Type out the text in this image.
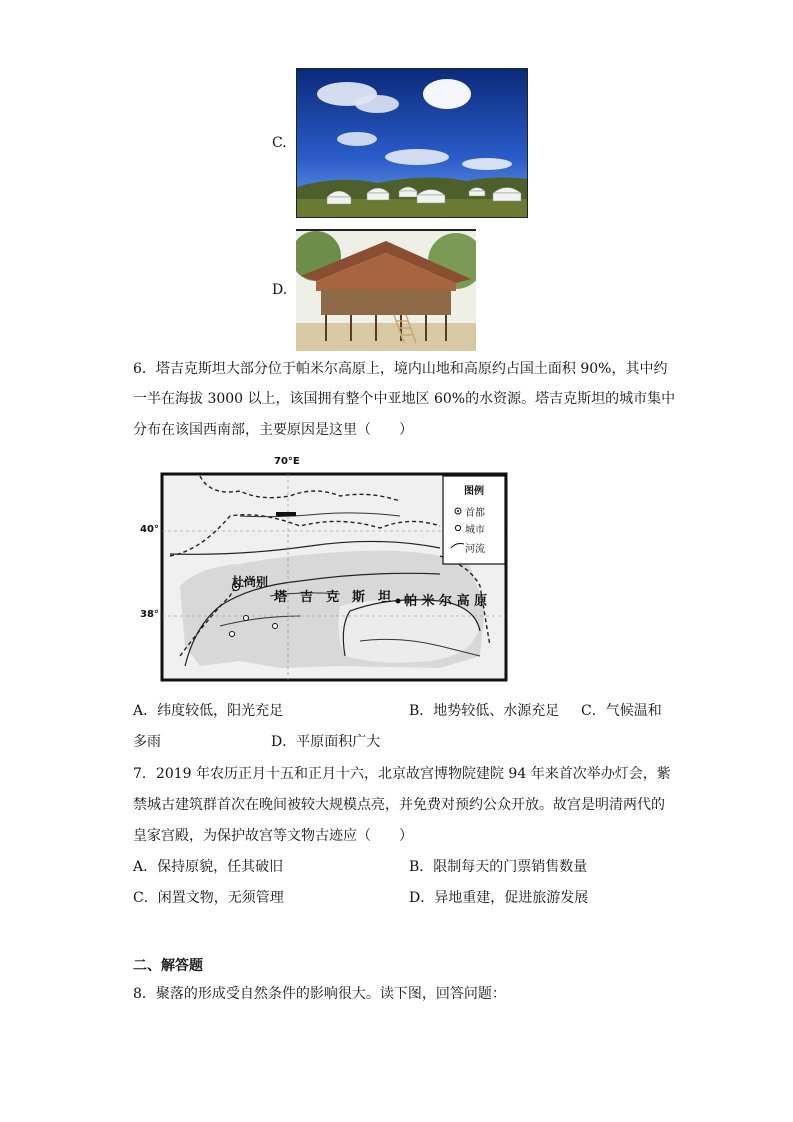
C.
D.
6．塔吉克斯坦大部分位于帕米尔高原上，境内山地和高原约占国土面积 90%，其中约
一半在海拔 3000 以上，该国拥有整个中亚地区 60%的水资源。塔吉克斯坦的城市集中
分布在该国西南部，主要原因是这里（　　）
70°E
40°
38°
图例
首都
城市
河流
杜尚别
塔　吉　克　斯　坦 帕 米 尔 高 原
A．纬度较低，阳光充足	B．地势较低、水源充足 C．气候温和
多雨	D．平原面积广大
7．2019 年农历正月十五和正月十六，北京故宫博物院建院 94 年来首次举办灯会，紫
禁城古建筑群首次在晚间被较大规模点亮，并免费对预约公众开放。故宫是明清两代的
皇家宫殿，为保护故宫等文物古迹应（　　）
A．保持原貌，任其破旧	B．限制每天的门票销售数量
C．闲置文物，无须管理	D．异地重建，促进旅游发展
二、解答题
8．聚落的形成受自然条件的影响很大。读下图，回答问题：
